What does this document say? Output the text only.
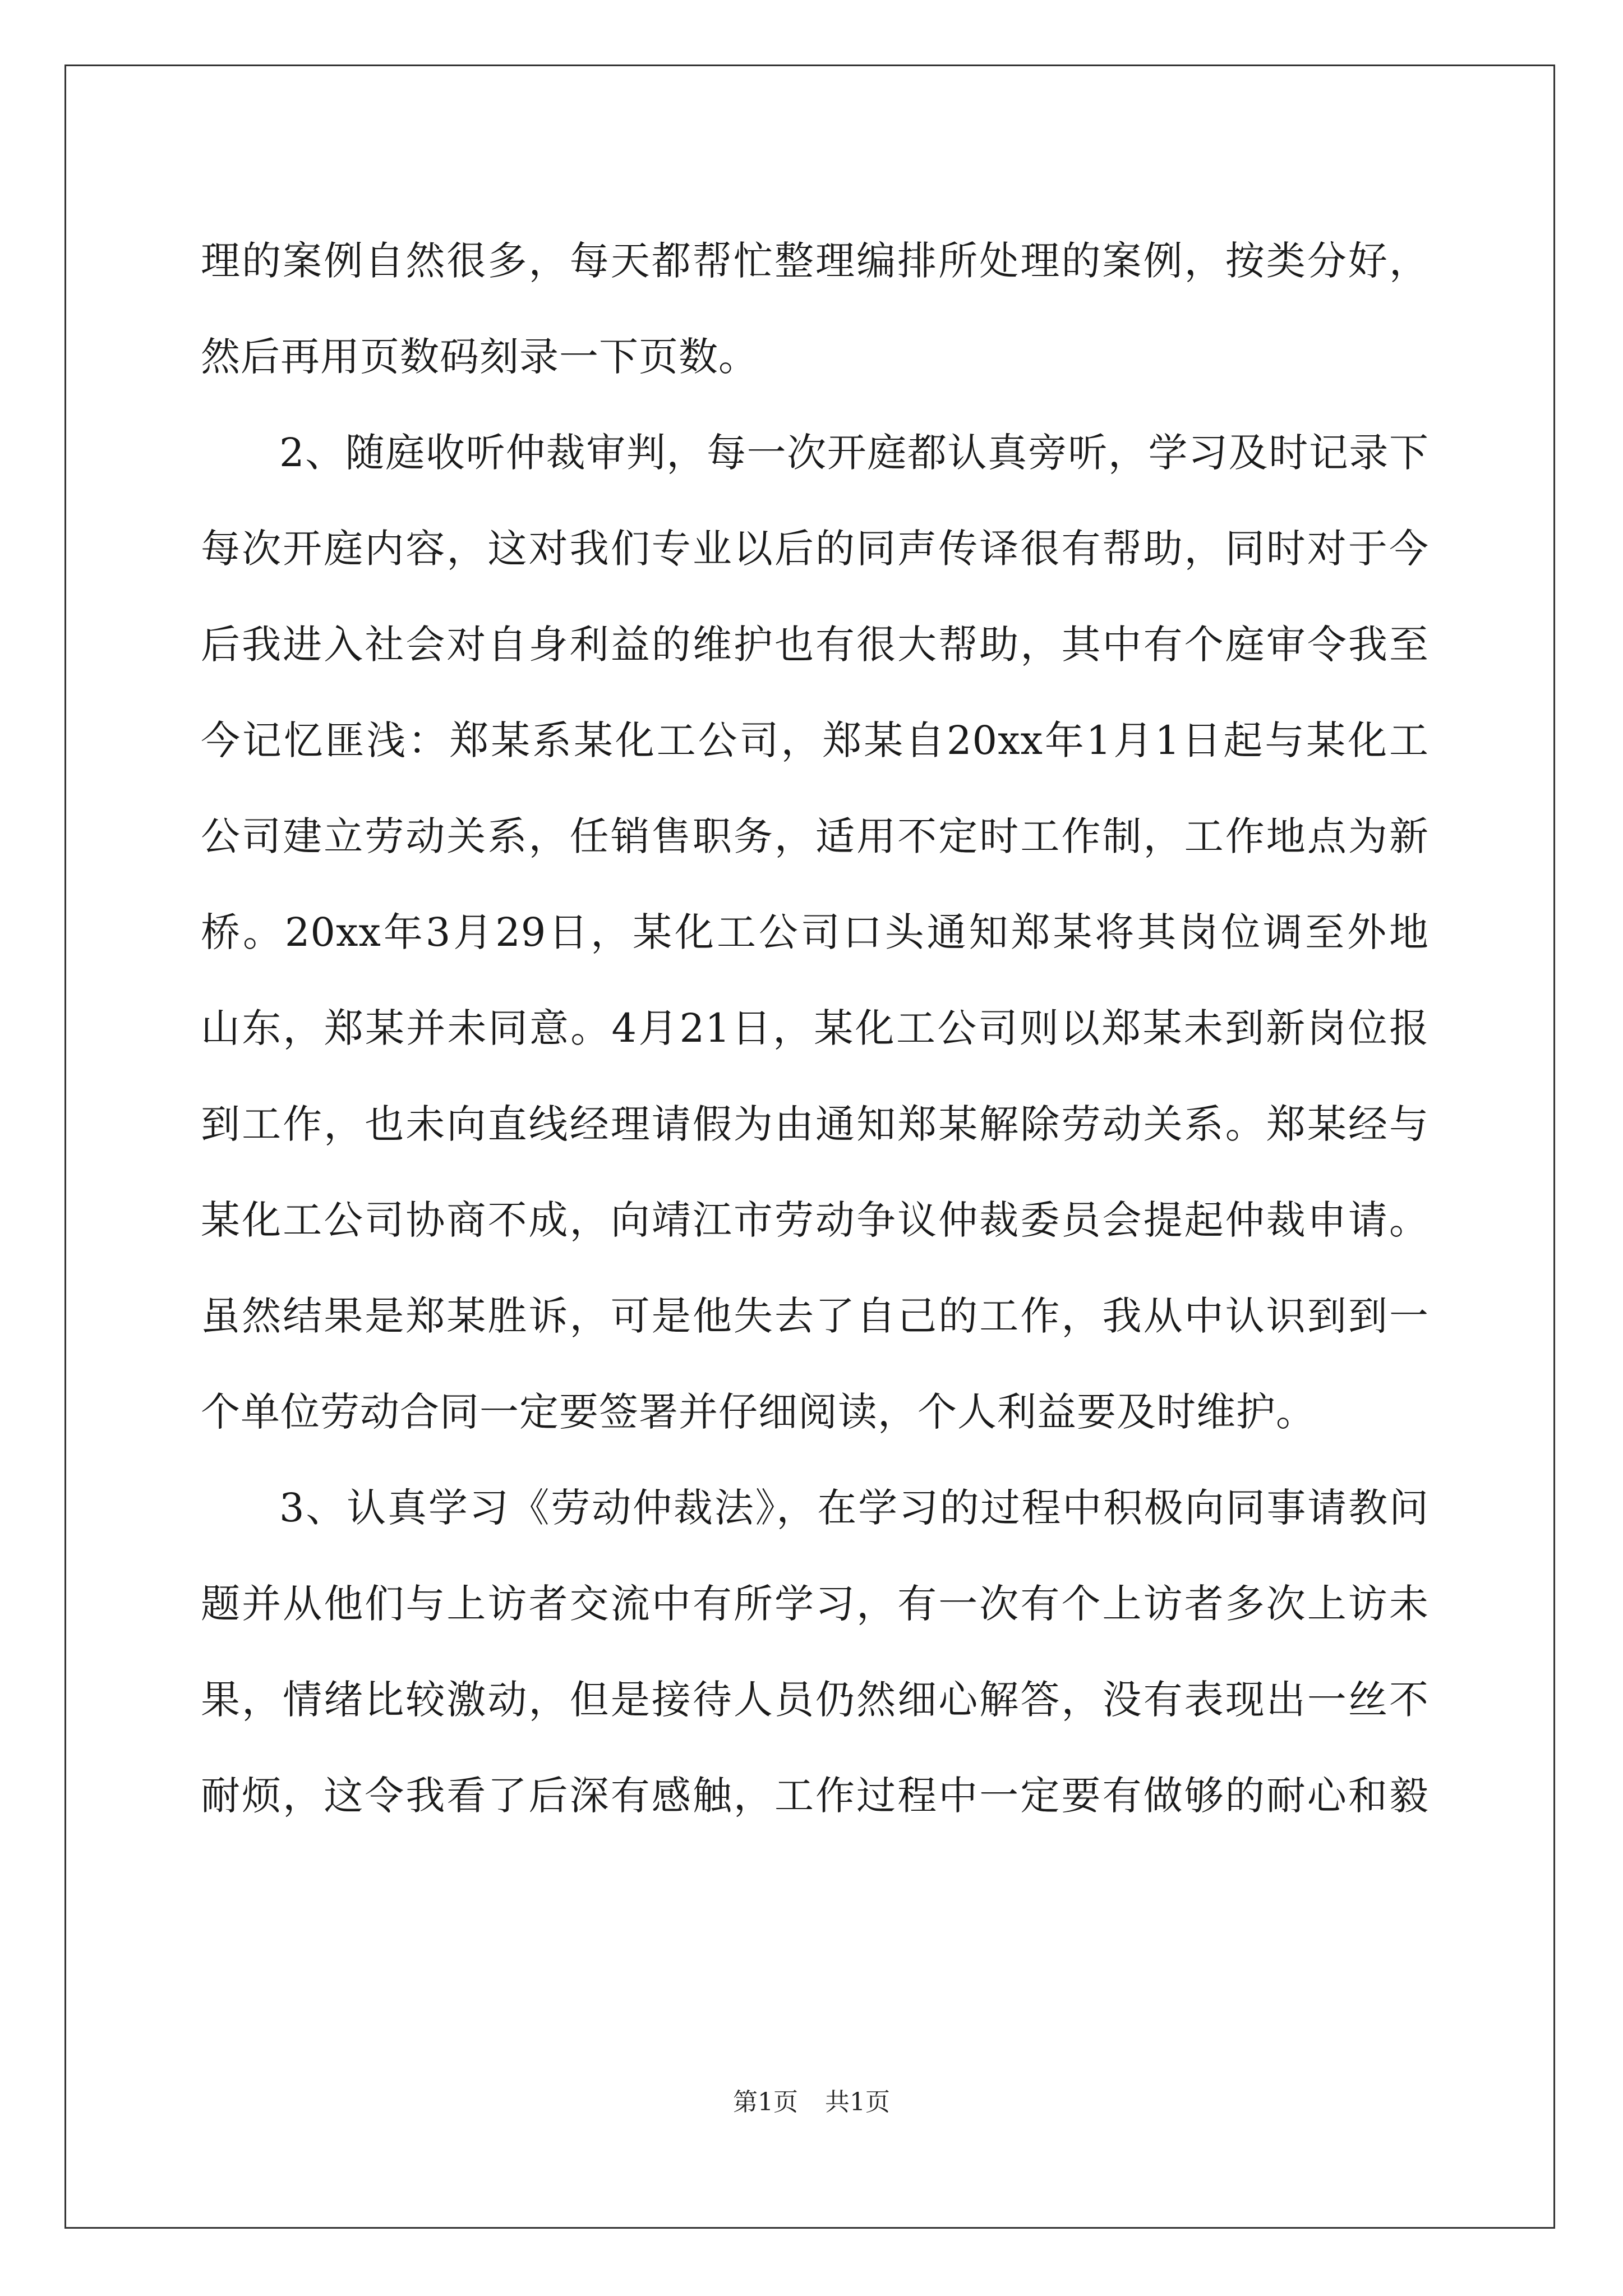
理的案例自然很多，每天都帮忙整理编排所处理的案例，按类分好，
然后再用页数码刻录一下页数。
2、随庭收听仲裁审判，每一次开庭都认真旁听，学习及时记录下
每次开庭内容，这对我们专业以后的同声传译很有帮助，同时对于今
后我进入社会对自身利益的维护也有很大帮助，其中有个庭审令我至
今记忆匪浅：郑某系某化工公司，郑某自20xx年1月1日起与某化工
公司建立劳动关系，任销售职务，适用不定时工作制，工作地点为新
桥。20xx年3月29日，某化工公司口头通知郑某将其岗位调至外地
山东，郑某并未同意。4月21日，某化工公司则以郑某未到新岗位报
到工作，也未向直线经理请假为由通知郑某解除劳动关系。郑某经与
某化工公司协商不成，向靖江市劳动争议仲裁委员会提起仲裁申请。
虽然结果是郑某胜诉，可是他失去了自己的工作，我从中认识到到一
个单位劳动合同一定要签署并仔细阅读，个人利益要及时维护。
3、认真学习《劳动仲裁法》，在学习的过程中积极向同事请教问
题并从他们与上访者交流中有所学习，有一次有个上访者多次上访未
果，情绪比较激动，但是接待人员仍然细心解答，没有表现出一丝不
耐烦，这令我看了后深有感触，工作过程中一定要有做够的耐心和毅
第1页 共1页
